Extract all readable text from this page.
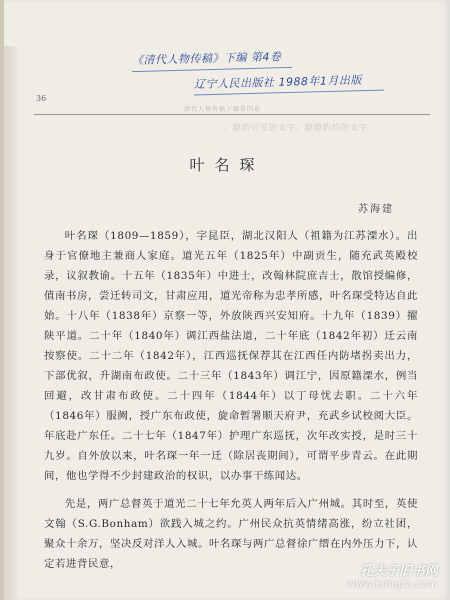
《清代人物传稿》下编 第4卷
辽宁人民出版社 1988年1月出版
36
清代人物传稿下编第四卷
，隐约可见的文字，隐隐约约的文字
叶名琛
苏海建

叶名琛（1809—1859），字昆臣，湖北汉阳人（祖籍为江苏溧水）。出身于官僚地主兼商人家庭。道光五年（1825年）中副贡生，随充武英殿校录，议叙教谕。十五年（1835年）中进士，改翰林院庶吉士，散馆授编修，值南书房，尝迁转司文，甘肃应用，道光帝称为忠孝所感，叶名琛受特达自此始。十八年（1838年）京察一等，外放陕西兴安知府。十九年（1839）擢陕平道。二十年（1840年）调江西盐法道，二十年底（1842年初）迁云南按察使。二十二年（1842年），江西巡抚保荐其在江西任内防堵拐卖出力，下部优叙，升湖南布政使。二十三年（1843年）调江宁，因原籍溧水，例当回避，改甘肃布政使。二十四年（1844年）以丁母忧去职。二十六年（1846年）服阙，授广东布政使，旋命暂署顺天府尹，充武乡试校阅大臣。年底赴广东任。二十七年（1847年）护理广东巡抚，次年改实授，是时三十九岁。自外放以来，叶名琛一年一迁（除居丧期间），可谓平步青云。在此期间，他也学得不少封建政治的权识，以办事干练闻达。

先是，两广总督英于道光二十七年允英人两年后入广州城。其时至，英使文翰（S.G.Bonham）欲践入城之约。广州民众抗英情绪高涨，纷立社团，聚众十余万，坚决反对洋人入城。叶名琛与两广总督徐广缙在内外压力下，认定若进背民意，	孔夫子旧书网
www.kongfz.com
